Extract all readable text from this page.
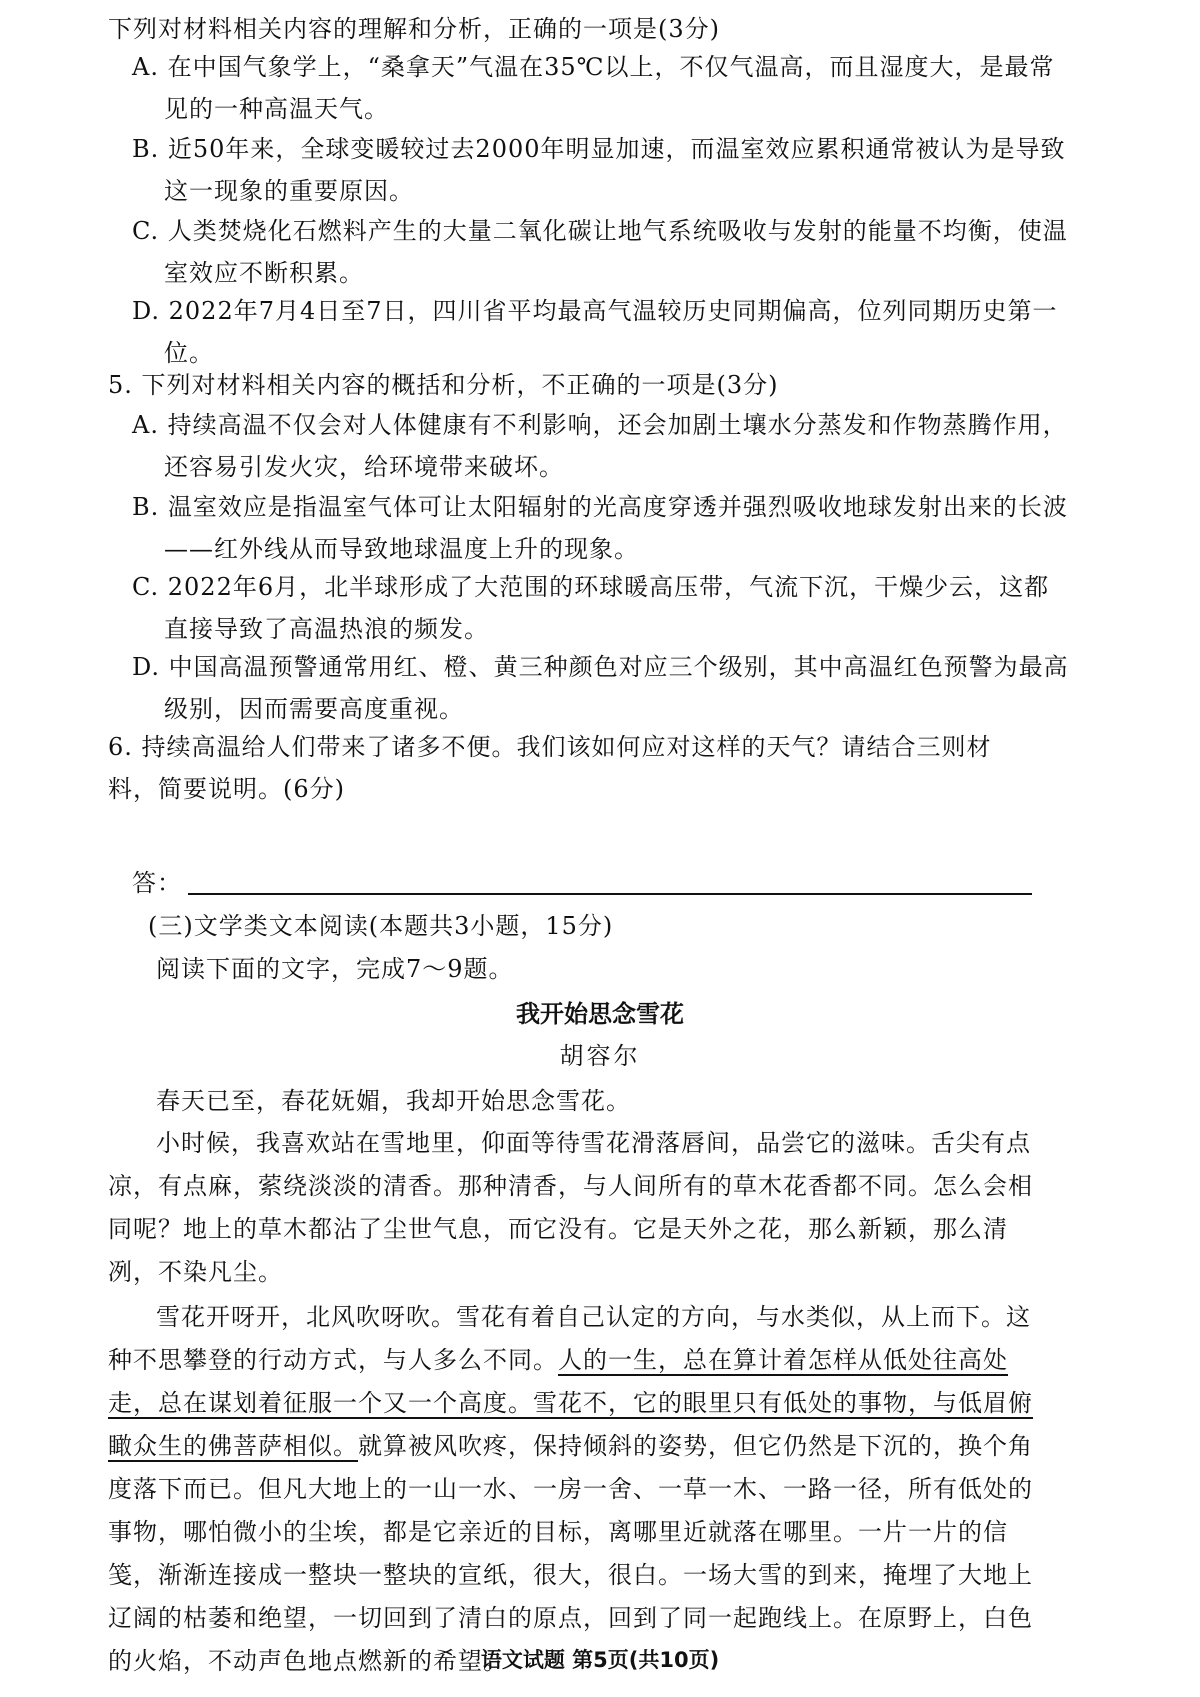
下列对材料相关内容的理解和分析，正确的一项是(3分)

A. 在中国气象学上，“桑拿天”气温在35℃以上，不仅气温高，而且湿度大，是最常见的一种高温天气。

B. 近50年来，全球变暖较过去2000年明显加速，而温室效应累积通常被认为是导致这一现象的重要原因。

C. 人类焚烧化石燃料产生的大量二氧化碳让地气系统吸收与发射的能量不均衡，使温室效应不断积累。

D. 2022年7月4日至7日，四川省平均最高气温较历史同期偏高，位列同期历史第一位。

5. 下列对材料相关内容的概括和分析，不正确的一项是(3分)

A. 持续高温不仅会对人体健康有不利影响，还会加剧土壤水分蒸发和作物蒸腾作用，还容易引发火灾，给环境带来破坏。

B. 温室效应是指温室气体可让太阳辐射的光高度穿透并强烈吸收地球发射出来的长波——红外线从而导致地球温度上升的现象。

C. 2022年6月，北半球形成了大范围的环球暖高压带，气流下沉，干燥少云，这都直接导致了高温热浪的频发。

D. 中国高温预警通常用红、橙、黄三种颜色对应三个级别，其中高温红色预警为最高级别，因而需要高度重视。

6. 持续高温给人们带来了诸多不便。我们该如何应对这样的天气？请结合三则材料，简要说明。(6分)

答：

(三)文学类文本阅读(本题共3小题，15分)

阅读下面的文字，完成7～9题。

我开始思念雪花

胡容尔

春天已至，春花妩媚，我却开始思念雪花。

小时候，我喜欢站在雪地里，仰面等待雪花滑落唇间，品尝它的滋味。舌尖有点凉，有点麻，萦绕淡淡的清香。那种清香，与人间所有的草木花香都不同。怎么会相同呢？地上的草木都沾了尘世气息，而它没有。它是天外之花，那么新颖，那么清冽，不染凡尘。

雪花开呀开，北风吹呀吹。雪花有着自己认定的方向，与水类似，从上而下。这种不思攀登的行动方式，与人多么不同。人的一生，总在算计着怎样从低处往高处走，总在谋划着征服一个又一个高度。雪花不，它的眼里只有低处的事物，与低眉俯瞰众生的佛菩萨相似。就算被风吹疼，保持倾斜的姿势，但它仍然是下沉的，换个角度落下而已。但凡大地上的一山一水、一房一舍、一草一木、一路一径，所有低处的事物，哪怕微小的尘埃，都是它亲近的目标，离哪里近就落在哪里。一片一片的信笺，渐渐连接成一整块一整块的宣纸，很大，很白。一场大雪的到来，掩埋了大地上辽阔的枯萎和绝望，一切回到了清白的原点，回到了同一起跑线上。在原野上，白色的火焰，不动声色地点燃新的希望。

语文试题 第5页(共10页)
